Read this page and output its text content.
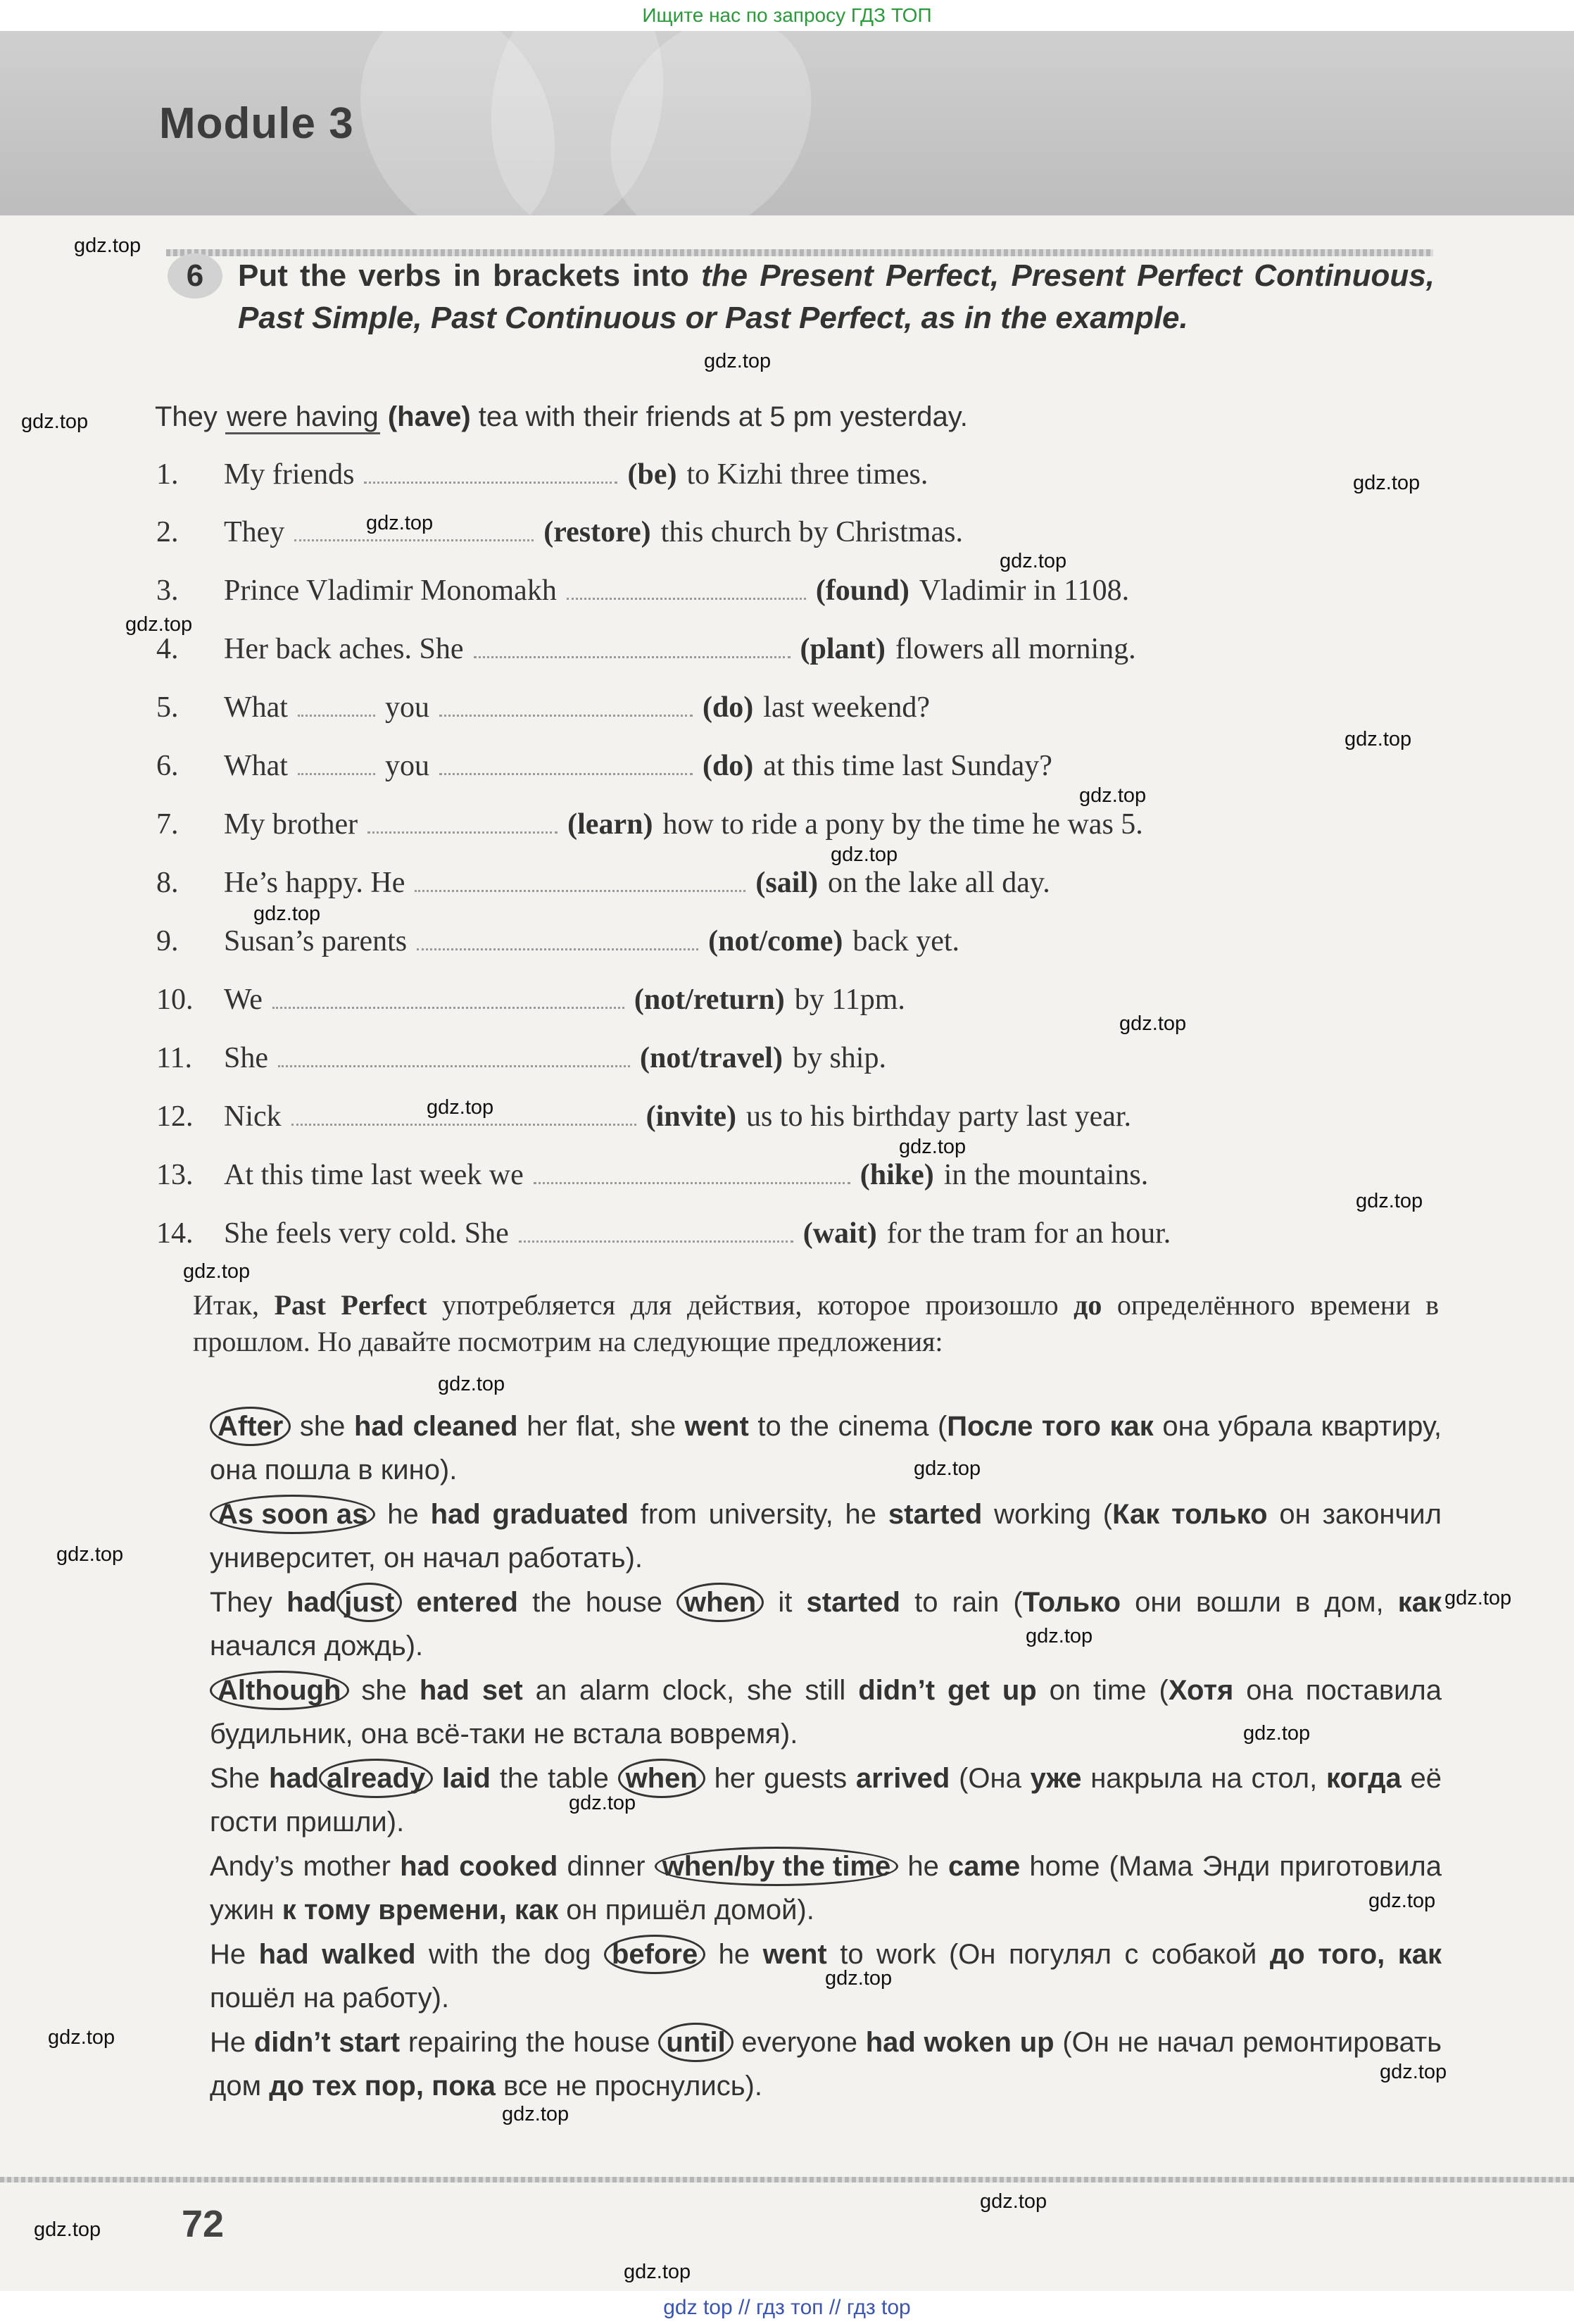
Ищите нас по запросу ГДЗ ТОП
Module 3
6	Put the verbs in brackets into the Present Perfect, Present Perfect Continuous, Past Simple, Past Continuous or Past Perfect, as in the example.
They were having (have) tea with their friends at 5 pm yesterday.
1.	My friends	(be) to Kizhi three times.
2.	They	(restore) this church by Christmas.
3.	Prince Vladimir Monomakh	(found) Vladimir in 1108.
4.	Her back aches. She	(plant) flowers all morning.
5.	What	you	(do) last weekend?
6.	What	you	(do) at this time last Sunday?
7.	My brother	(learn) how to ride a pony by the time he was 5.
8.	He’s happy. He	(sail) on the lake all day.
9.	Susan’s parents	(not/come) back yet.
10.	We	(not/return) by 11pm.
11.	She	(not/travel) by ship.
12.	Nick	(invite) us to his birthday party last year.
13.	At this time last week we	(hike) in the mountains.
14.	She feels very cold. She	(wait) for the tram for an hour.
Итак, Past Perfect употребляется для действия, которое произошло до определённого времени в прошлом. Но давайте посмотрим на следующие предложения:
After she had cleaned her flat, she went to the cinema (После того как она убрала квартиру, она пошла в кино).
As soon as he had graduated from university, he started working (Как только он закончил университет, он начал работать).
They had just entered the house when it started to rain (Только они вошли в дом, как начался дождь).
Although she had set an alarm clock, she still didn’t get up on time (Хотя она поставила будильник, она всё-таки не встала вовремя).
She had already laid the table when her guests arrived (Она уже накрыла на стол, когда её гости пришли).
Andy’s mother had cooked dinner when/by the time he came home (Мама Энди приготовила ужин к тому времени, как он пришёл домой).
He had walked with the dog before he went to work (Он погулял с собакой до того, как пошёл на работу).
He didn’t start repairing the house until everyone had woken up (Он не начал ремонтировать дом до тех пор, пока все не проснулись).
72
gdz.top
gdz.top
gdz.top
gdz.top
gdz.top
gdz.top
gdz.top
gdz.top
gdz.top
gdz.top
gdz.top
gdz.top
gdz.top
gdz.top
gdz.top
gdz.top
gdz.top
gdz.top
gdz.top
gdz.top
gdz.top
gdz.top
gdz.top
gdz.top
gdz.top
gdz.top
gdz.top
gdz.top
gdz.top
gdz.top
gdz.top
gdz top // гдз топ // гдз top
